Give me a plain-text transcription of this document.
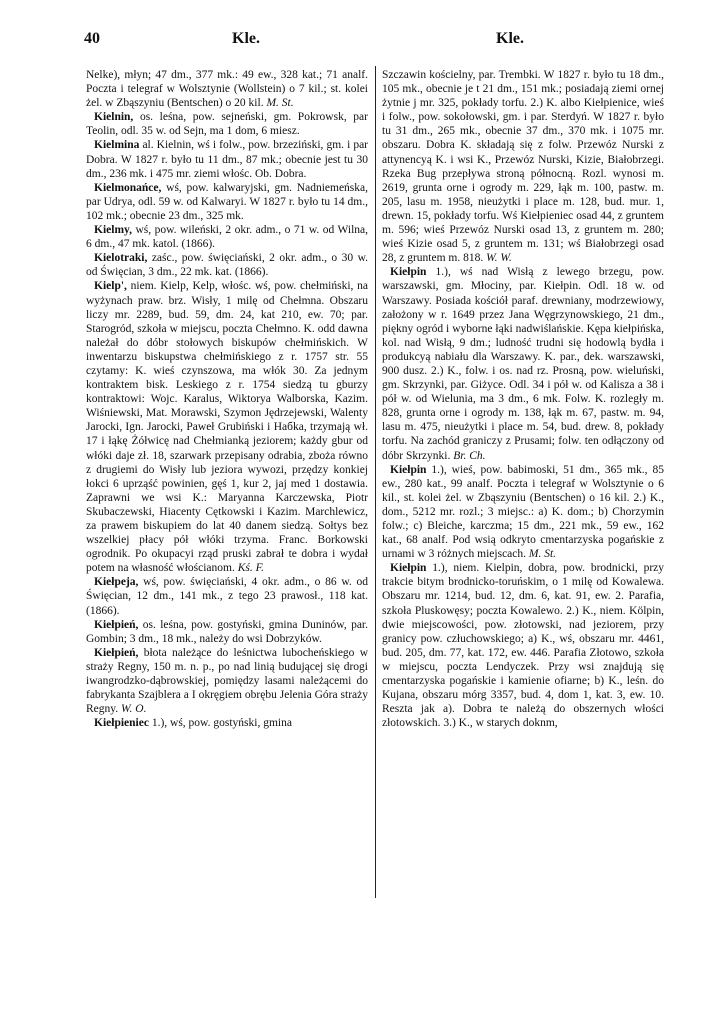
40	Kle.	Kle.

Nelke), młyn; 47 dm., 377 mk.: 49 ew., 328 kat.; 71 analf. Poczta i telegraf w Wolsztynie (Wollstein) o 7 kil.; st. kolei żel. w Zbąszyniu (Bentschen) o 20 kil. M. St.

Kielnin, os. leśna, pow. sejneński, gm. Pokrowsk, par Teolin, odl. 35 w. od Sejn, ma 1 dom, 6 miesz.

Kielmina al. Kielnin, wś i folw., pow. brzeziński, gm. i par Dobra. W 1827 r. było tu 11 dm., 87 mk.; obecnie jest tu 30 dm., 236 mk. i 475 mr. ziemi włośc. Ob. Dobra.

Kielmonańce, wś, pow. kalwaryjski, gm. Nadniemeńska, par Udrya, odl. 59 w. od Kalwaryi. W 1827 r. było tu 14 dm., 102 mk.; obecnie 23 dm., 325 mk.

Kielmy, wś, pow. wileński, 2 okr. adm., o 71 w. od Wilna, 6 dm., 47 mk. katol. (1866).

Kielotraki, zaśc., pow. święciański, 2 okr. adm., o 30 w. od Święcian, 3 dm., 22 mk. kat. (1866).

Kielp', niem. Kielp, Kelp, włośc. wś, pow. chełmiński, na wyżynach praw. brz. Wisły, 1 milę od Chełmna. Obszaru liczy mr. 2289, bud. 59, dm. 24, kat 210, ew. 70; par. Starogród, szkoła w miejscu, poczta Chełmno. K. odd dawna należał do dóbr stołowych biskupów chełmińskich. W inwentarzu biskupstwa chełmińskiego z r. 1757 str. 55 czytamy: K. wieś czynszowa, ma włók 30. Za jednym kontraktem bisk. Leskiego z r. 1754 siedzą tu gburzy kontraktowi: Wojc. Karalus, Wiktorya Walborska, Kazim. Wiśniewski, Mat. Morawski, Szymon Jędrzejewski, Walenty Jarocki, Ign. Jarocki, Paweł Grubiński i Haбka, trzymają wł. 17 i łąkę Żółwicę nad Chełmianką jeziorem; każdy gbur od włóki daje zł. 18, szarwark przepisany odrabia, zboża równo z drugiemi do Wisły lub jeziora wywozi, przędzy konkiej łokci 6 uprząść powinien, gęś 1, kur 2, jaj med 1 dostawia. Zaprawni we wsi K.: Maryanna Karczewska, Piotr Skubaczewski, Hiacenty Cętkowski i Kazim. Marchlewicz, za prawem biskupiem do lat 40 danem siedzą. Sołtys bez wszelkiej płacy pół włóki trzyma. Franc. Borkowski ogrodnik. Po okupacyi rząd pruski zabrał te dobra i wydał potem na własność włościanom. Kś. F.

Kiełpeja, wś, pow. święciański, 4 okr. adm., o 86 w. od Święcian, 12 dm., 141 mk., z tego 23 prawosł., 118 kat. (1866).

Kiełpień, os. leśna, pow. gostyński, gmina Duninów, par. Gombin; 3 dm., 18 mk., należy do wsi Dobrzyków.

Kiełpień, błota należące do leśnictwa lubocheńskiego w straży Regny, 150 m. n. p., po nad linią budującej się drogi iwangrodzko-dąbrowskiej, pomiędzy lasami należącemi do fabrykanta Szajblera a I okręgiem obrębu Jeleniа Góra straży Regny. W. O.

Kiełpieniec 1.), wś, pow. gostyński, gmina

Szczawin kościelny, par. Trembki. W 1827 r. było tu 18 dm., 105 mk., obecnie je t 21 dm., 151 mk.; posiadają ziemi ornej żytnie j mr. 325, pokłady torfu. 2.) K. albo Kiełpienice, wieś i folw., pow. sokołowski, gm. i par. Sterdyń. W 1827 r. było tu 31 dm., 265 mk., obecnie 37 dm., 370 mk. i 1075 mr. obszaru. Dobra K. składają się z folw. Przewóz Nurski z attynencyą K. i wsi K., Przewóz Nurski, Kizie, Białobrzegi. Rzeka Bug przepływa stroną północną. Rozl. wynosi m. 2619, grunta orne i ogrody m. 229, łąk m. 100, pastw. m. 205, lasu m. 1958, nieużytki i place m. 128, bud. mur. 1, drewn. 15, pokłady torfu. Wś Kiełpieniec osad 44, z gruntem m. 596; wieś Przewóz Nurski osad 13, z gruntem m. 280; wieś Kizie osad 5, z gruntem m. 131; wś Białobrzegi osad 28, z gruntem m. 818. W. W.

Kiełpin 1.), wś nad Wisłą z lewego brzegu, pow. warszawski, gm. Młociny, par. Kiełpin. Odl. 18 w. od Warszawy. Posiada kościół paraf. drewniany, modrzewiowy, założony w r. 1649 przez Jana Węgrzynowskiego, 21 dm., piękny ogród i wyborne łąki nadwiślańskie. Kępa kiełpińska, kol. nad Wisłą, 9 dm.; ludność trudni się hodowlą bydła i produkcyą nabiału dla Warszawy. K. par., dek. warszawski, 900 dusz. 2.) K., folw. i os. nad rz. Prosną, pow. wieluński, gm. Skrzynki, par. Giżyce. Odl. 34 i pół w. od Kalisza a 38 i pół w. od Wielunia, ma 3 dm., 6 mk. Folw. K. rozległy m. 828, grunta orne i ogrody m. 138, łąk m. 67, pastw. m. 94, lasu m. 475, nieużytki i place m. 54, bud. drew. 8, pokłady torfu. Na zachód graniczy z Prusami; folw. ten odłączony od dóbr Skrzynki. Br. Ch.

Kiełpin 1.), wieś, pow. babimoski, 51 dm., 365 mk., 85 ew., 280 kat., 99 analf. Poczta i telegraf w Wolsztynie o 6 kil., st. kolei żel. w Zbąszyniu (Bentschen) o 16 kil. 2.) K., dom., 5212 mr. rozl.; 3 miejsc.: a) K. dom.; b) Chorzymin folw.; c) Bleiche, karczma; 15 dm., 221 mk., 59 ew., 162 kat., 68 analf. Pod wsią odkryto cmentarzyska pogańskie z urnami w 3 różnych miejscach. M. St.

Kiełpin 1.), niem. Kielpin, dobra, pow. brodnicki, przy trakcie bitym brodnicko-toruńskim, o 1 milę od Kowalewa. Obszaru mr. 1214, bud. 12, dm. 6, kat. 91, ew. 2. Parafia, szkoła Pluskowęsy; poczta Kowalewo. 2.) K., niem. Kölpin, dwie miejscowości, pow. złotowski, nad jeziorem, przy granicy pow. człuchowskiego; a) K., wś, obszaru mr. 4461, bud. 205, dm. 77, kat. 172, ew. 446. Parafia Złotowo, szkoła w miejscu, poczta Lendyczek. Przy wsi znajdują się cmentarzyska pogańskie i kamienie ofiarne; b) K., leśn. do Kujana, obszaru mórg 3357, bud. 4, dom 1, kat. 3, ew. 10. Reszta jak a). Dobra te należą do obszernych włości złotowskich. 3.) K., w starych doknm,
